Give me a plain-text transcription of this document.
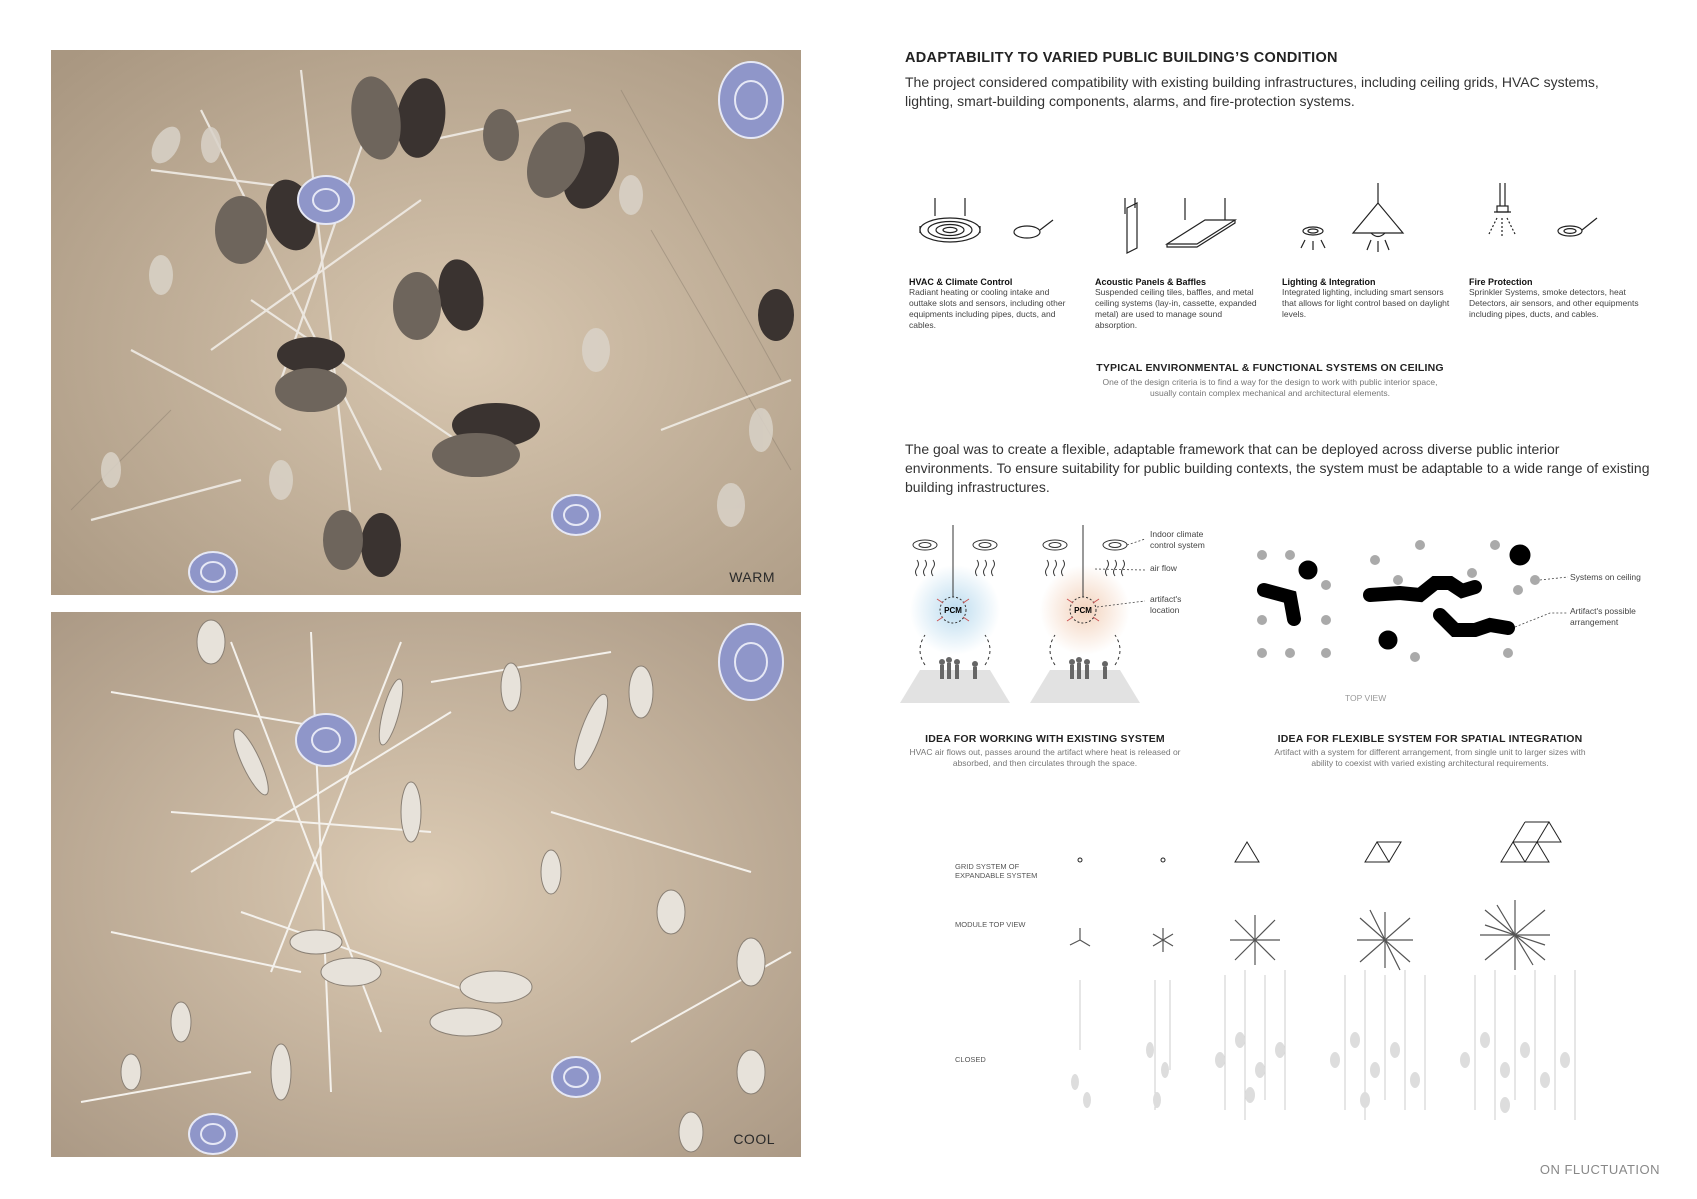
WARM
COOL
ADAPTABILITY TO VARIED PUBLIC BUILDING’S CONDITION
The project considered compatibility with existing building infrastructures, including ceiling grids, HVAC systems, lighting, smart-building components, alarms, and fire-protection systems.
HVAC & Climate Control
Radiant heating or cooling intake and outtake slots and sensors, including other equipments including pipes, ducts, and cables.
Acoustic Panels & Baffles
Suspended ceiling tiles, baffles, and metal ceiling systems (lay-in, cassette, expanded metal) are used to manage sound absorption.
Lighting & Integration
Integrated lighting, including smart sensors that allows for light control based on daylight levels.
Fire Protection
Sprinkler Systems, smoke detectors, heat Detectors, air sensors, and other equipments including pipes, ducts, and cables.
TYPICAL ENVIRONMENTAL & FUNCTIONAL SYSTEMS ON CEILING
One of the design criteria is to find a way for the design to work with public interior space, usually contain complex mechanical and architectural elements.
The goal was to create a flexible, adaptable framework that can be deployed across diverse public interior environments. To ensure suitability for public building contexts, the system must be adaptable to a wide range of existing building infrastructures.
PCM	PCM
Indoor climate control system
air flow
artifact's location
Systems on ceiling
Artifact's possible arrangement
TOP VIEW
IDEA FOR WORKING WITH EXISTING SYSTEM
HVAC air flows out, passes around the artifact where heat is released or absorbed, and then circulates through the space.
IDEA FOR FLEXIBLE SYSTEM FOR SPATIAL INTEGRATION
Artifact with a system for different arrangement, from single unit to larger sizes with ability to coexist with varied existing architectural requirements.
GRID SYSTEM OF EXPANDABLE SYSTEM
MODULE TOP VIEW
CLOSED
ON FLUCTUATION
